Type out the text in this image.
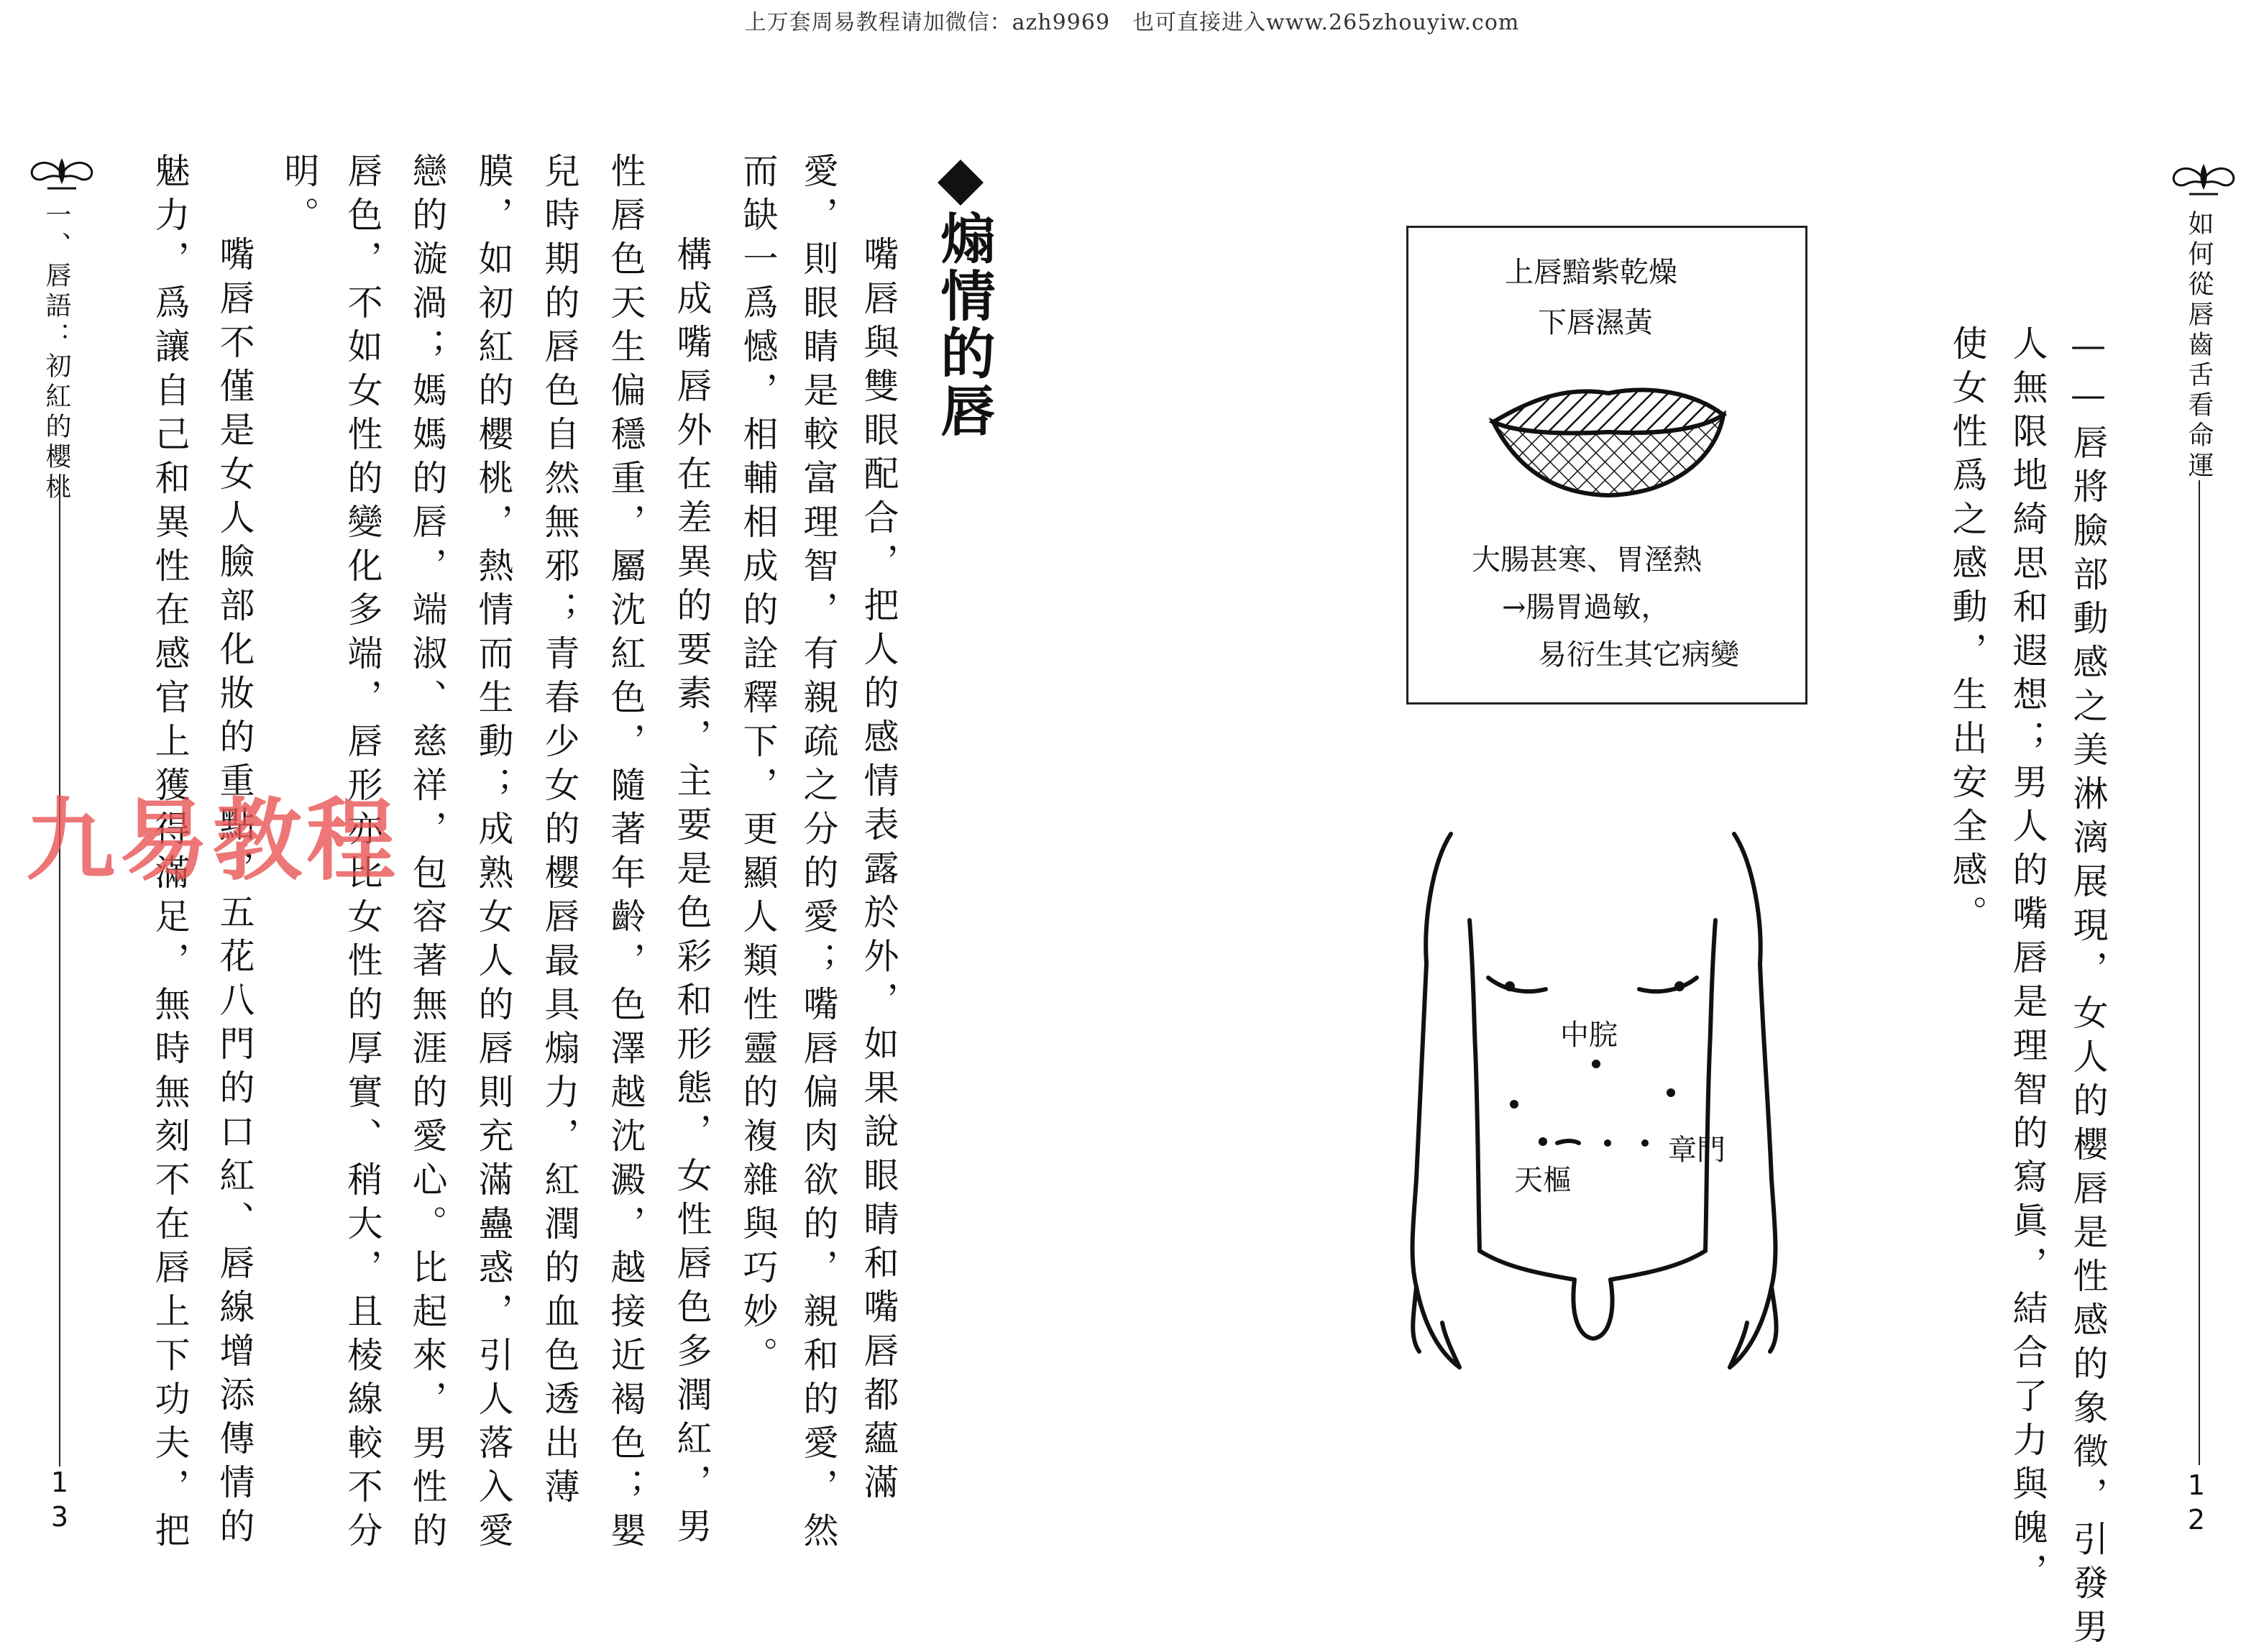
上万套周易教程请加微信：azh9969　也可直接进入www.265zhouyiw.com
如何從唇齒舌看命運
12
——唇將臉部動感之美淋漓展現，女人的櫻唇是性感的象徵，引發男
人無限地綺思和遐想；男人的嘴唇是理智的寫眞，結合了力與魄，
使女性爲之感動，生出安全感。
上唇黯紫乾燥
下唇濕黃
大腸甚寒、胃溼熱
→腸胃過敏，
易衍生其它病變
中脘
章門
天樞
一、唇語：初紅的櫻桃
13
煽情的唇
嘴唇與雙眼配合，把人的感情表露於外，如果說眼睛和嘴唇都蘊滿
愛，則眼睛是較富理智，有親疏之分的愛；嘴唇偏肉欲的，親和的愛，然
而缺一爲憾，相輔相成的詮釋下，更顯人類性靈的複雜與巧妙。
構成嘴唇外在差異的要素，主要是色彩和形態，女性唇色多潤紅，男
性唇色天生偏穩重，屬沈紅色，隨著年齡，色澤越沈澱，越接近褐色；嬰
兒時期的唇色自然無邪；青春少女的櫻唇最具煽力，紅潤的血色透出薄
膜，如初紅的櫻桃，熱情而生動；成熟女人的唇則充滿蠱惑，引人落入愛
戀的漩渦；媽媽的唇，端淑、慈祥，包容著無涯的愛心。比起來，男性的
唇色，不如女性的變化多端，唇形亦比女性的厚實、稍大，且棱線較不分
明。
嘴唇不僅是女人臉部化妝的重點，五花八門的口紅、唇線增添傳情的
魅力，爲讓自己和異性在感官上獲得滿足，無時無刻不在唇上下功夫，把
九易教程
